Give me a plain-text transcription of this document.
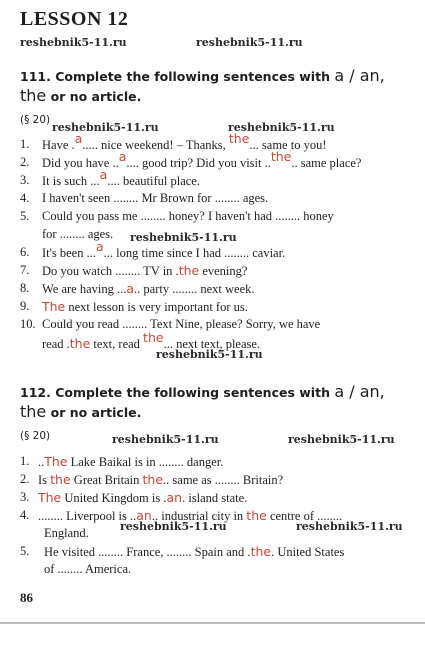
LESSON 12
reshebnik5-11.ru	reshebnik5-11.ru
111. Complete the following sentences with a / an,
the or no article.
(§ 20)
reshebnik5-11.ru	reshebnik5-11.ru
1. Have .a..... nice weekend! – Thanks, the... same to you!
2. Did you have ..a.... good trip? Did you visit ..the.. same place?
3. It is such ...a.... beautiful place.
4. I haven't seen ........ Mr Brown for ........ ages.
5. Could you pass me ........ honey? I haven't had ........ honey
for ........ ages. reshebnik5-11.ru
6. It's been ...a... long time since I had ........ caviar.
7. Do you watch ........ TV in .the evening?
8. We are having ...a.. party ........ next week.
9. The next lesson is very important for us.
10. Could you read ........ Text Nine, please? Sorry, we have
read .the text, read the... next text, please.
reshebnik5-11.ru
112. Complete the following sentences with a / an,
the or no article.
(§ 20)	reshebnik5-11.ru	reshebnik5-11.ru
1. ..The Lake Baikal is in ........ danger.
2. Is the Great Britain the.. same as ........ Britain?
3. The United Kingdom is .an. island state.
4. ........ Liverpool is ..an.. industrial city in the centre of ........
England.	reshebnik5-11.ru	reshebnik5-11.ru
5. He visited ........ France, ........ Spain and .the. United States
of ........ America.
86
